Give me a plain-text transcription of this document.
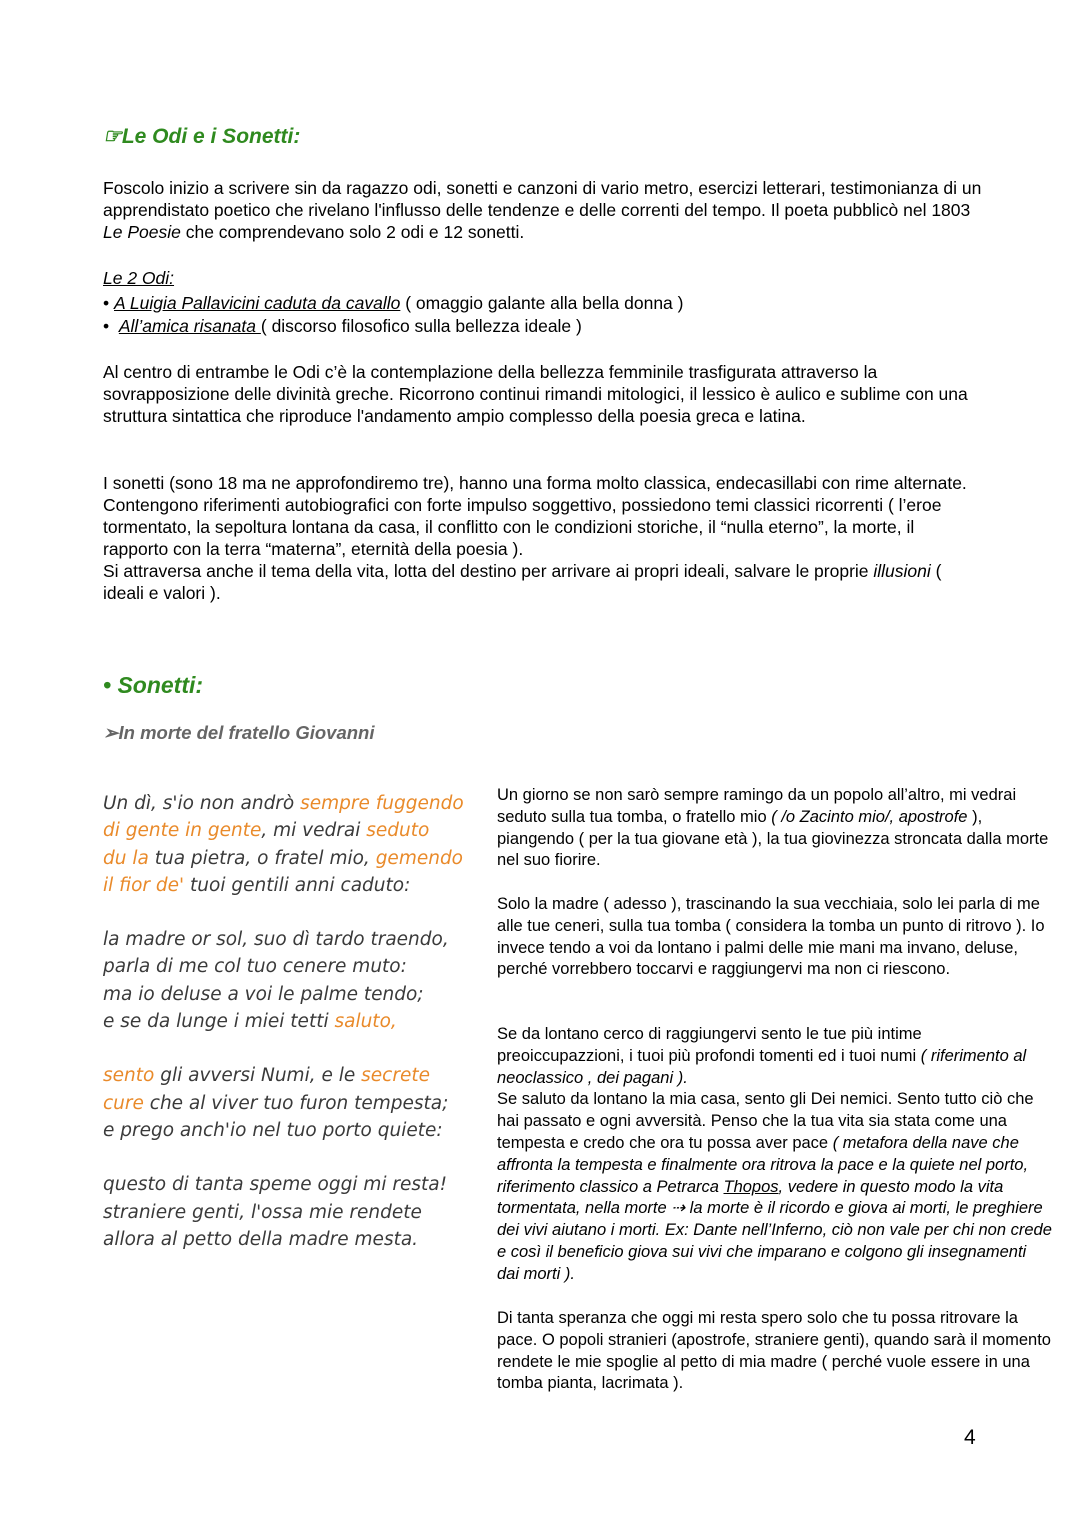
☞Le Odi e i Sonetti:
Foscolo inizio a scrivere sin da ragazzo odi, sonetti e canzoni di vario metro, esercizi letterari, testimonianza di un apprendistato poetico che rivelano l'influsso delle tendenze e delle correnti del tempo. Il poeta pubblicò nel 1803 Le Poesie che comprendevano solo 2 odi e 12 sonetti.
Le 2 Odi:
• A Luigia Pallavicini caduta da cavallo ( omaggio galante alla bella donna )
• All’amica risanata ( discorso filosofico sulla bellezza ideale )
Al centro di entrambe le Odi c’è la contemplazione della bellezza femminile trasfigurata attraverso la sovrapposizione delle divinità greche. Ricorrono continui rimandi mitologici, il lessico è aulico e sublime con una struttura sintattica che riproduce l'andamento ampio complesso della poesia greca e latina.
I sonetti (sono 18 ma ne approfondiremo tre), hanno una forma molto classica, endecasillabi con rime alternate.
Contengono riferimenti autobiografici con forte impulso soggettivo, possiedono temi classici ricorrenti ( l’eroe tormentato, la sepoltura lontana da casa, il conflitto con le condizioni storiche, il “nulla eterno”, la morte, il rapporto con la terra “materna”, eternità della poesia ).
Si attraversa anche il tema della vita, lotta del destino per arrivare ai propri ideali, salvare le proprie illusioni ( ideali e valori ).
• Sonetti:
➢In morte del fratello Giovanni
Un dì, s'io non andrò sempre fuggendo
di gente in gente, mi vedrai seduto
du la tua pietra, o fratel mio, gemendo
il fior de' tuoi gentili anni caduto:
la madre or sol, suo dì tardo traendo,
parla di me col tuo cenere muto:
ma io deluse a voi le palme tendo;
e se da lunge i miei tetti saluto,
sento gli avversi Numi, e le secrete
cure che al viver tuo furon tempesta;
e prego anch'io nel tuo porto quiete:
questo di tanta speme oggi mi resta!
straniere genti, l'ossa mie rendete
allora al petto della madre mesta.
Un giorno se non sarò sempre ramingo da un popolo all’altro, mi vedrai seduto sulla tua tomba, o fratello mio ( /o Zacinto mio/, apostrofe ), piangendo ( per la tua giovane età ), la tua giovinezza stroncata dalla morte nel suo fiorire.
Solo la madre ( adesso ), trascinando la sua vecchiaia, solo lei parla di me alle tue ceneri, sulla tua tomba ( considera la tomba un punto di ritrovo ). Io invece tendo a voi da lontano i palmi delle mie mani ma invano, deluse, perché vorrebbero toccarvi e raggiungervi ma non ci riescono.
Se da lontano cerco di raggiungervi sento le tue più intime preoiccupazzioni, i tuoi più profondi tomenti ed i tuoi numi ( riferimento al neoclassico , dei pagani ).
Se saluto da lontano la mia casa, sento gli Dei nemici. Sento tutto ciò che hai passato e ogni avversità. Penso che la tua vita sia stata come una tempesta e credo che ora tu possa aver pace ( metafora della nave che affronta la tempesta e finalmente ora ritrova la pace e la quiete nel porto, riferimento classico a Petrarca Thopos, vedere in questo modo la vita tormentata, nella morte ⇢ la morte è il ricordo e giova ai morti, le preghiere dei vivi aiutano i morti. Ex: Dante nell’Inferno, ciò non vale per chi non crede e così il beneficio giova sui vivi che imparano e colgono gli insegnamenti dai morti ).
Di tanta speranza che oggi mi resta spero solo che tu possa ritrovare la pace. O popoli stranieri (apostrofe, straniere genti), quando sarà il momento rendete le mie spoglie al petto di mia madre ( perché vuole essere in una tomba pianta, lacrimata ).
4
